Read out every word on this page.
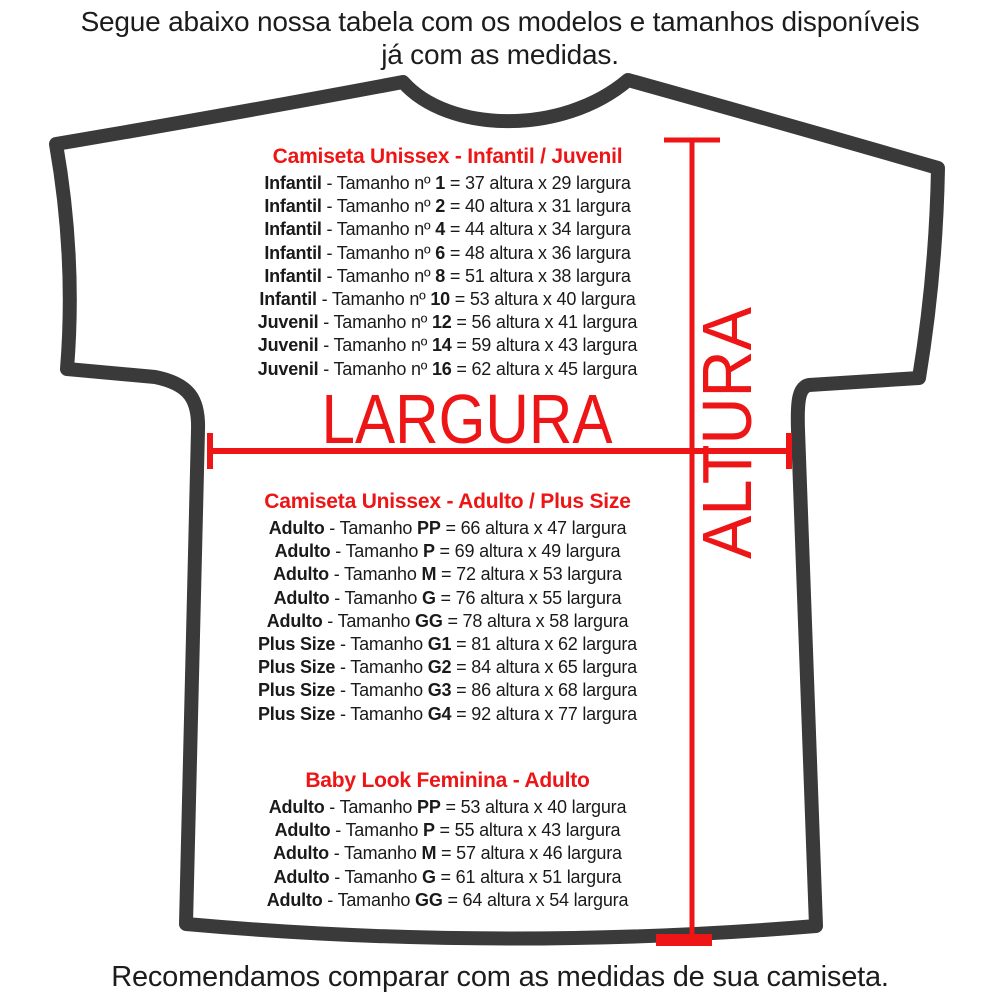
Segue abaixo nossa tabela com os modelos e tamanhos disponíveis
já com as medidas.
Camiseta Unissex - Infantil / Juvenil
Infantil - Tamanho nº 1 = 37 altura x 29 largura
Infantil - Tamanho nº 2 = 40 altura x 31 largura
Infantil - Tamanho nº 4 = 44 altura x 34 largura
Infantil - Tamanho nº 6 = 48 altura x 36 largura
Infantil - Tamanho nº 8 = 51 altura x 38 largura
Infantil - Tamanho nº 10 = 53 altura x 40 largura
Juvenil - Tamanho nº 12 = 56 altura x 41 largura
Juvenil - Tamanho nº 14 = 59 altura x 43 largura
Juvenil - Tamanho nº 16 = 62 altura x 45 largura
LARGURA
Camiseta Unissex - Adulto / Plus Size
Adulto - Tamanho PP = 66 altura x 47 largura
Adulto - Tamanho P = 69 altura x 49 largura
Adulto - Tamanho M = 72 altura x 53 largura
Adulto - Tamanho G = 76 altura x 55 largura
Adulto - Tamanho GG = 78 altura x 58 largura
Plus Size - Tamanho G1 = 81 altura x 62 largura
Plus Size - Tamanho G2 = 84 altura x 65 largura
Plus Size - Tamanho G3 = 86 altura x 68 largura
Plus Size - Tamanho G4 = 92 altura x 77 largura
Baby Look Feminina - Adulto
Adulto - Tamanho PP = 53 altura x 40 largura
Adulto - Tamanho P = 55 altura x 43 largura
Adulto - Tamanho M = 57 altura x 46 largura
Adulto - Tamanho G = 61 altura x 51 largura
Adulto - Tamanho GG = 64 altura x 54 largura
ALTURA
Recomendamos comparar com as medidas de sua camiseta.
